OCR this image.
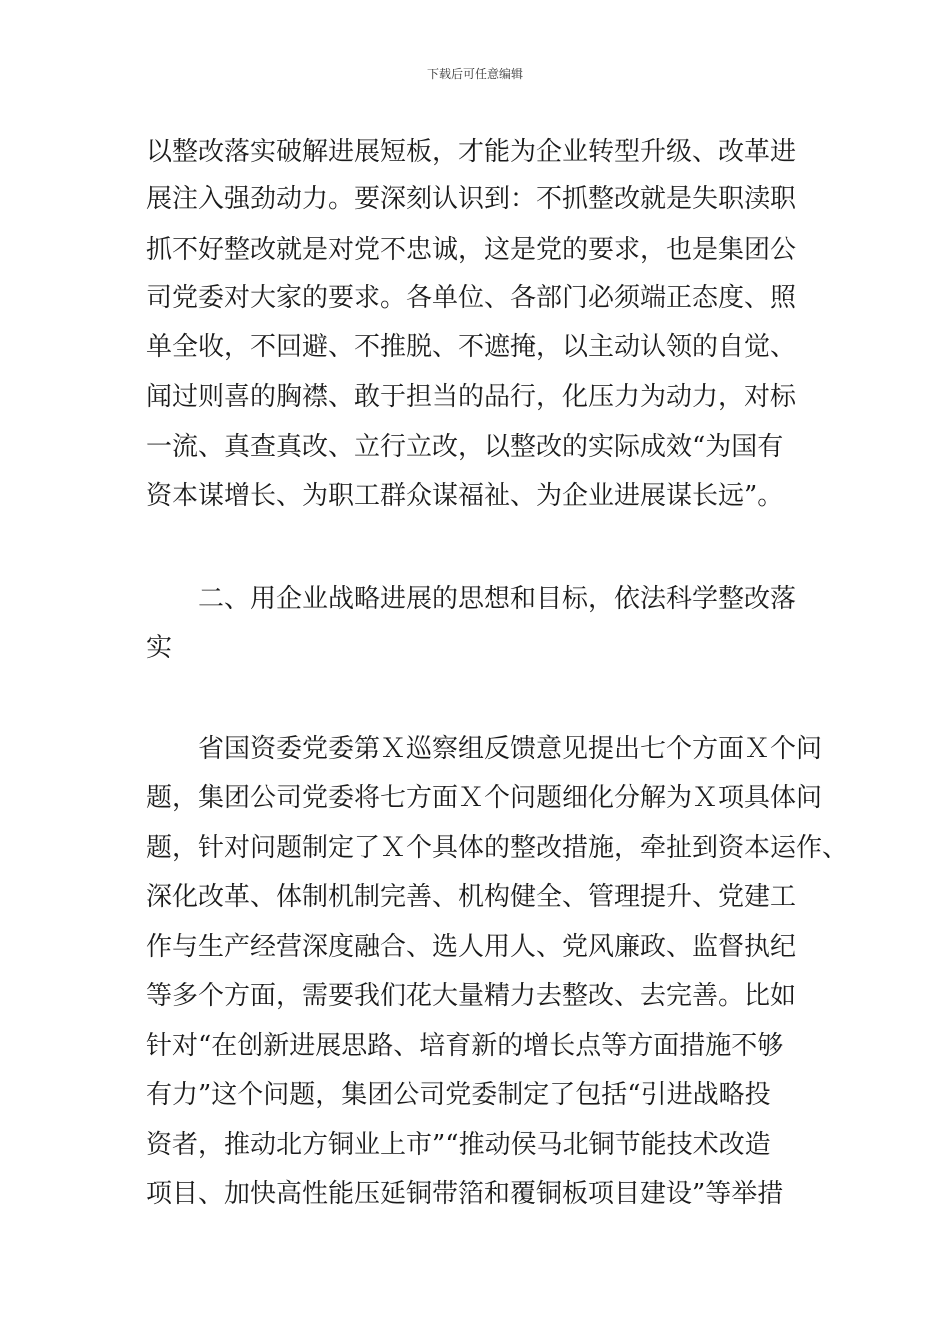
下载后可任意编辑
以整改落实破解进展短板，才能为企业转型升级、改革进
展注入强劲动力。要深刻认识到：不抓整改就是失职渎职
抓不好整改就是对党不忠诚，这是党的要求，也是集团公
司党委对大家的要求。各单位、各部门必须端正态度、照
单全收，不回避、不推脱、不遮掩，以主动认领的自觉、
闻过则喜的胸襟、敢于担当的品行，化压力为动力，对标
一流、真查真改、立行立改，以整改的实际成效“为国有
资本谋增长、为职工群众谋福祉、为企业进展谋长远”。
二、用企业战略进展的思想和目标，依法科学整改落
实
省国资委党委第Ｘ巡察组反馈意见提出七个方面Ｘ个问
题，集团公司党委将七方面Ｘ个问题细化分解为Ｘ项具体问
题，针对问题制定了Ｘ个具体的整改措施，牵扯到资本运作、
深化改革、体制机制完善、机构健全、管理提升、党建工
作与生产经营深度融合、选人用人、党风廉政、监督执纪
等多个方面，需要我们花大量精力去整改、去完善。比如
针对“在创新进展思路、培育新的增长点等方面措施不够
有力”这个问题，集团公司党委制定了包括“引进战略投
资者，推动北方铜业上市”“推动侯马北铜节能技术改造
项目、加快高性能压延铜带箔和覆铜板项目建设”等举措
